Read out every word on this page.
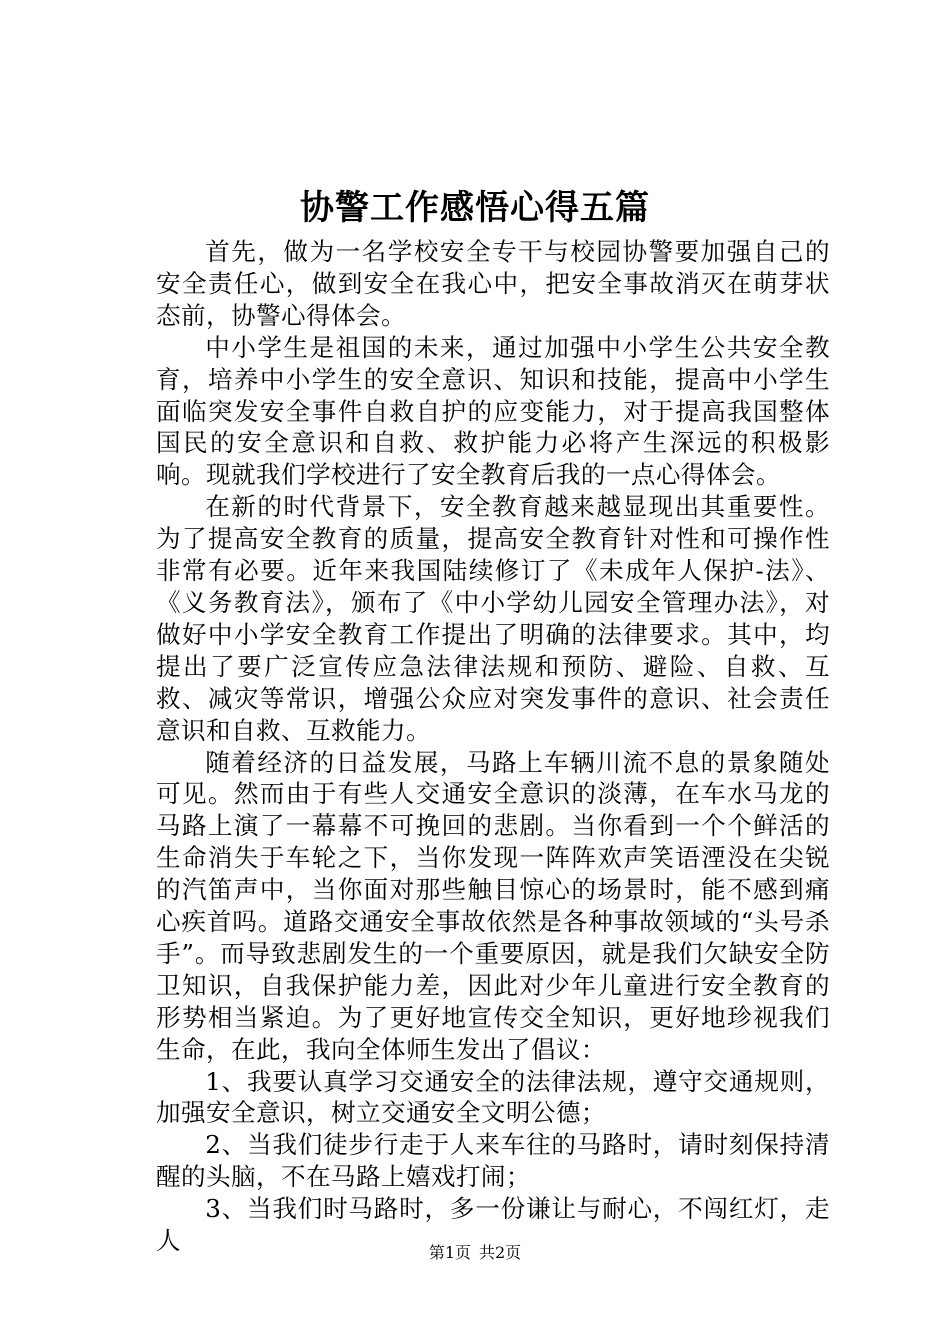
协警工作感悟心得五篇

首先，做为一名学校安全专干与校园协警要加强自己的安全责任心，做到安全在我心中，把安全事故消灭在萌芽状态前，协警心得体会。

中小学生是祖国的未来，通过加强中小学生公共安全教育，培养中小学生的安全意识、知识和技能，提高中小学生面临突发安全事件自救自护的应变能力，对于提高我国整体国民的安全意识和自救、救护能力必将产生深远的积极影响。现就我们学校进行了安全教育后我的一点心得体会。

在新的时代背景下，安全教育越来越显现出其重要性。为了提高安全教育的质量，提高安全教育针对性和可操作性非常有必要。近年来我国陆续修订了《未成年人保护-法》、《义务教育法》，颁布了《中小学幼儿园安全管理办法》，对做好中小学安全教育工作提出了明确的法律要求。其中，均提出了要广泛宣传应急法律法规和预防、避险、自救、互救、减灾等常识，增强公众应对突发事件的意识、社会责任意识和自救、互救能力。

随着经济的日益发展，马路上车辆川流不息的景象随处可见。然而由于有些人交通安全意识的淡薄，在车水马龙的马路上演了一幕幕不可挽回的悲剧。当你看到一个个鲜活的生命消失于车轮之下，当你发现一阵阵欢声笑语湮没在尖锐的汽笛声中，当你面对那些触目惊心的场景时，能不感到痛心疾首吗。道路交通安全事故依然是各种事故领域的“头号杀手”。而导致悲剧发生的一个重要原因，就是我们欠缺安全防卫知识，自我保护能力差，因此对少年儿童进行安全教育的形势相当紧迫。为了更好地宣传交全知识，更好地珍视我们生命，在此，我向全体师生发出了倡议：

1、我要认真学习交通安全的法律法规，遵守交通规则，加强安全意识，树立交通安全文明公德；

2、当我们徒步行走于人来车往的马路时，请时刻保持清醒的头脑，不在马路上嬉戏打闹；

3、当我们时马路时，多一份谦让与耐心，不闯红灯，走人	第1页 共2页
